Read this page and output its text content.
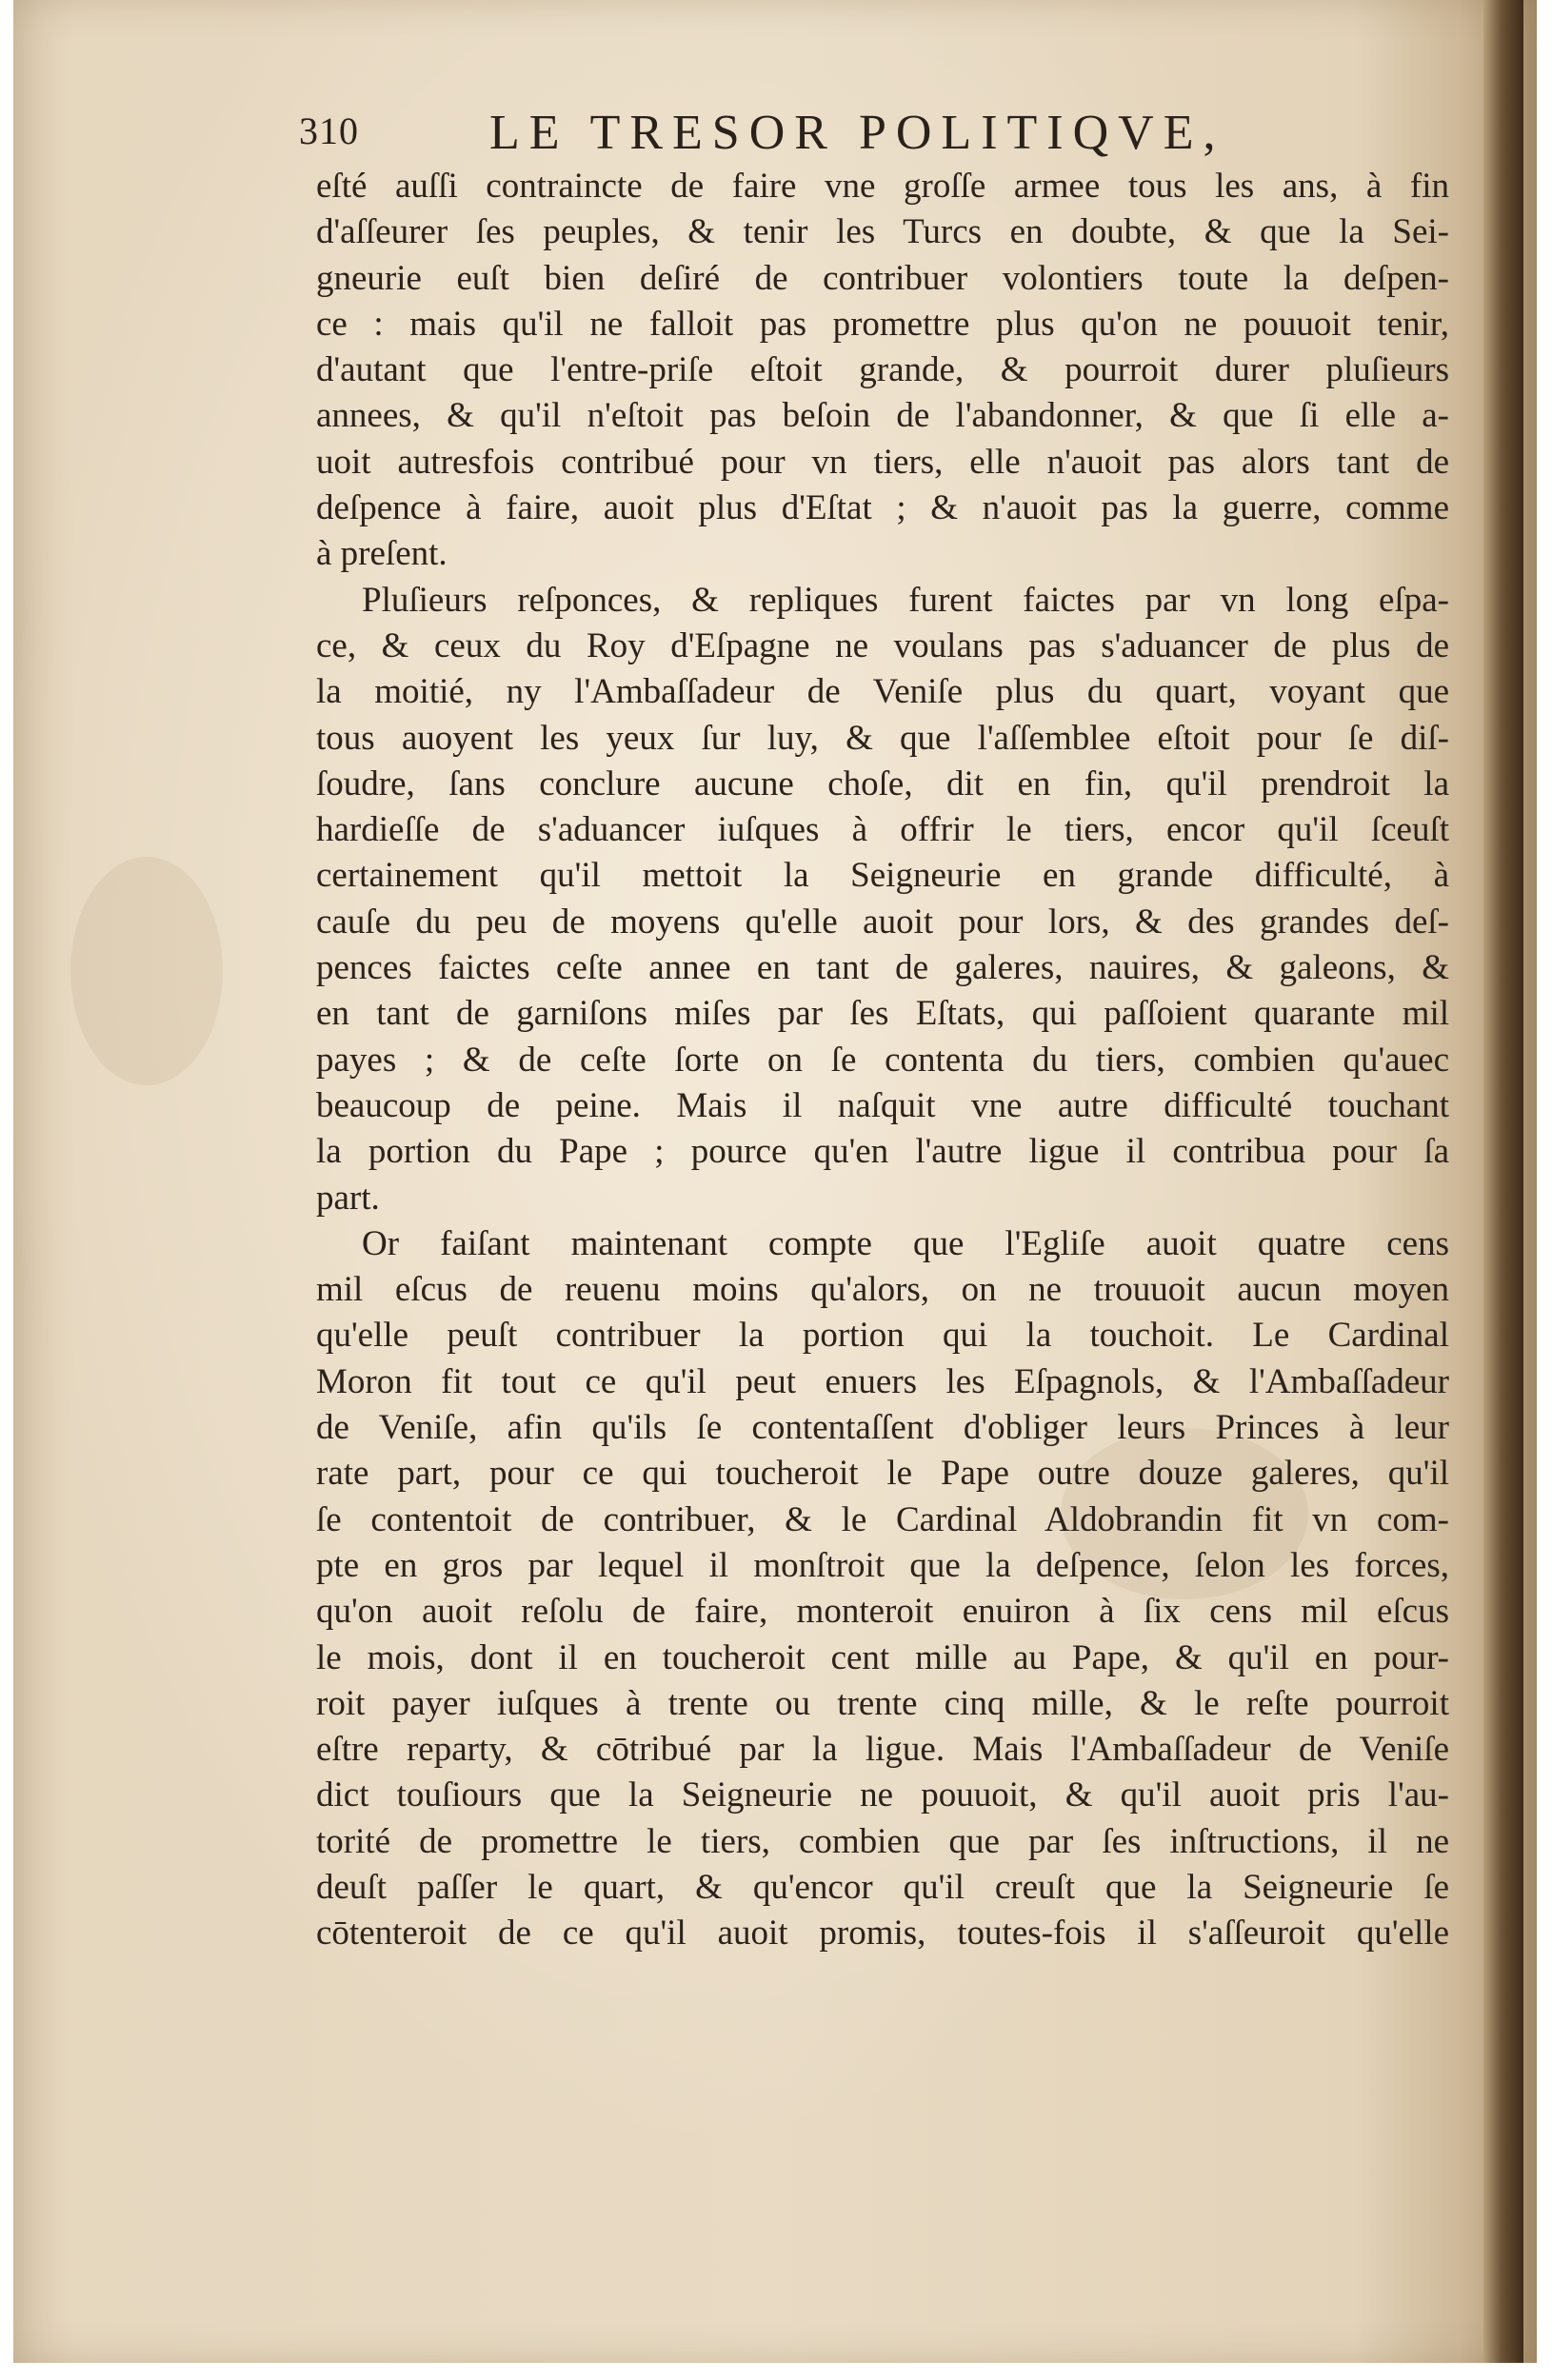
310	LE TRESOR POLITIQVE,
eſté auſſi contraincte de faire vne groſſe armee tous les ans, à fin
d'aſſeurer ſes peuples, & tenir les Turcs en doubte, & que la Sei-
gneurie euſt bien deſiré de contribuer volontiers toute la deſpen-
ce : mais qu'il ne falloit pas promettre plus qu'on ne pouuoit tenir,
d'autant que l'entre-priſe eſtoit grande, & pourroit durer pluſieurs
annees, & qu'il n'eſtoit pas beſoin de l'abandonner, & que ſi elle a-
uoit autresfois contribué pour vn tiers, elle n'auoit pas alors tant de
deſpence à faire, auoit plus d'Eſtat ; & n'auoit pas la guerre, comme
à preſent.
Pluſieurs reſponces, & repliques furent faictes par vn long eſpa-
ce, & ceux du Roy d'Eſpagne ne voulans pas s'aduancer de plus de
la moitié, ny l'Ambaſſadeur de Veniſe plus du quart, voyant que
tous auoyent les yeux ſur luy, & que l'aſſemblee eſtoit pour ſe diſ-
ſoudre, ſans conclure aucune choſe, dit en fin, qu'il prendroit la
hardieſſe de s'aduancer iuſques à offrir le tiers, encor qu'il ſceuſt
certainement qu'il mettoit la Seigneurie en grande difficulté, à
cauſe du peu de moyens qu'elle auoit pour lors, & des grandes deſ-
pences faictes ceſte annee en tant de galeres, nauires, & galeons, &
en tant de garniſons miſes par ſes Eſtats, qui paſſoient quarante mil
payes ; & de ceſte ſorte on ſe contenta du tiers, combien qu'auec
beaucoup de peine. Mais il naſquit vne autre difficulté touchant
la portion du Pape ; pource qu'en l'autre ligue il contribua pour ſa
part.
Or faiſant maintenant compte que l'Egliſe auoit quatre cens
mil eſcus de reuenu moins qu'alors, on ne trouuoit aucun moyen
qu'elle peuſt contribuer la portion qui la touchoit. Le Cardinal
Moron fit tout ce qu'il peut enuers les Eſpagnols, & l'Ambaſſadeur
de Veniſe, afin qu'ils ſe contentaſſent d'obliger leurs Princes à leur
rate part, pour ce qui toucheroit le Pape outre douze galeres, qu'il
ſe contentoit de contribuer, & le Cardinal Aldobrandin fit vn com-
pte en gros par lequel il monſtroit que la deſpence, ſelon les forces,
qu'on auoit reſolu de faire, monteroit enuiron à ſix cens mil eſcus
le mois, dont il en toucheroit cent mille au Pape, & qu'il en pour-
roit payer iuſques à trente ou trente cinq mille, & le reſte pourroit
eſtre reparty, & cōtribué par la ligue. Mais l'Ambaſſadeur de Veniſe
dict touſiours que la Seigneurie ne pouuoit, & qu'il auoit pris l'au-
torité de promettre le tiers, combien que par ſes inſtructions, il ne
deuſt paſſer le quart, & qu'encor qu'il creuſt que la Seigneurie ſe
cōtenteroit de ce qu'il auoit promis, toutes-fois il s'aſſeuroit qu'elle
